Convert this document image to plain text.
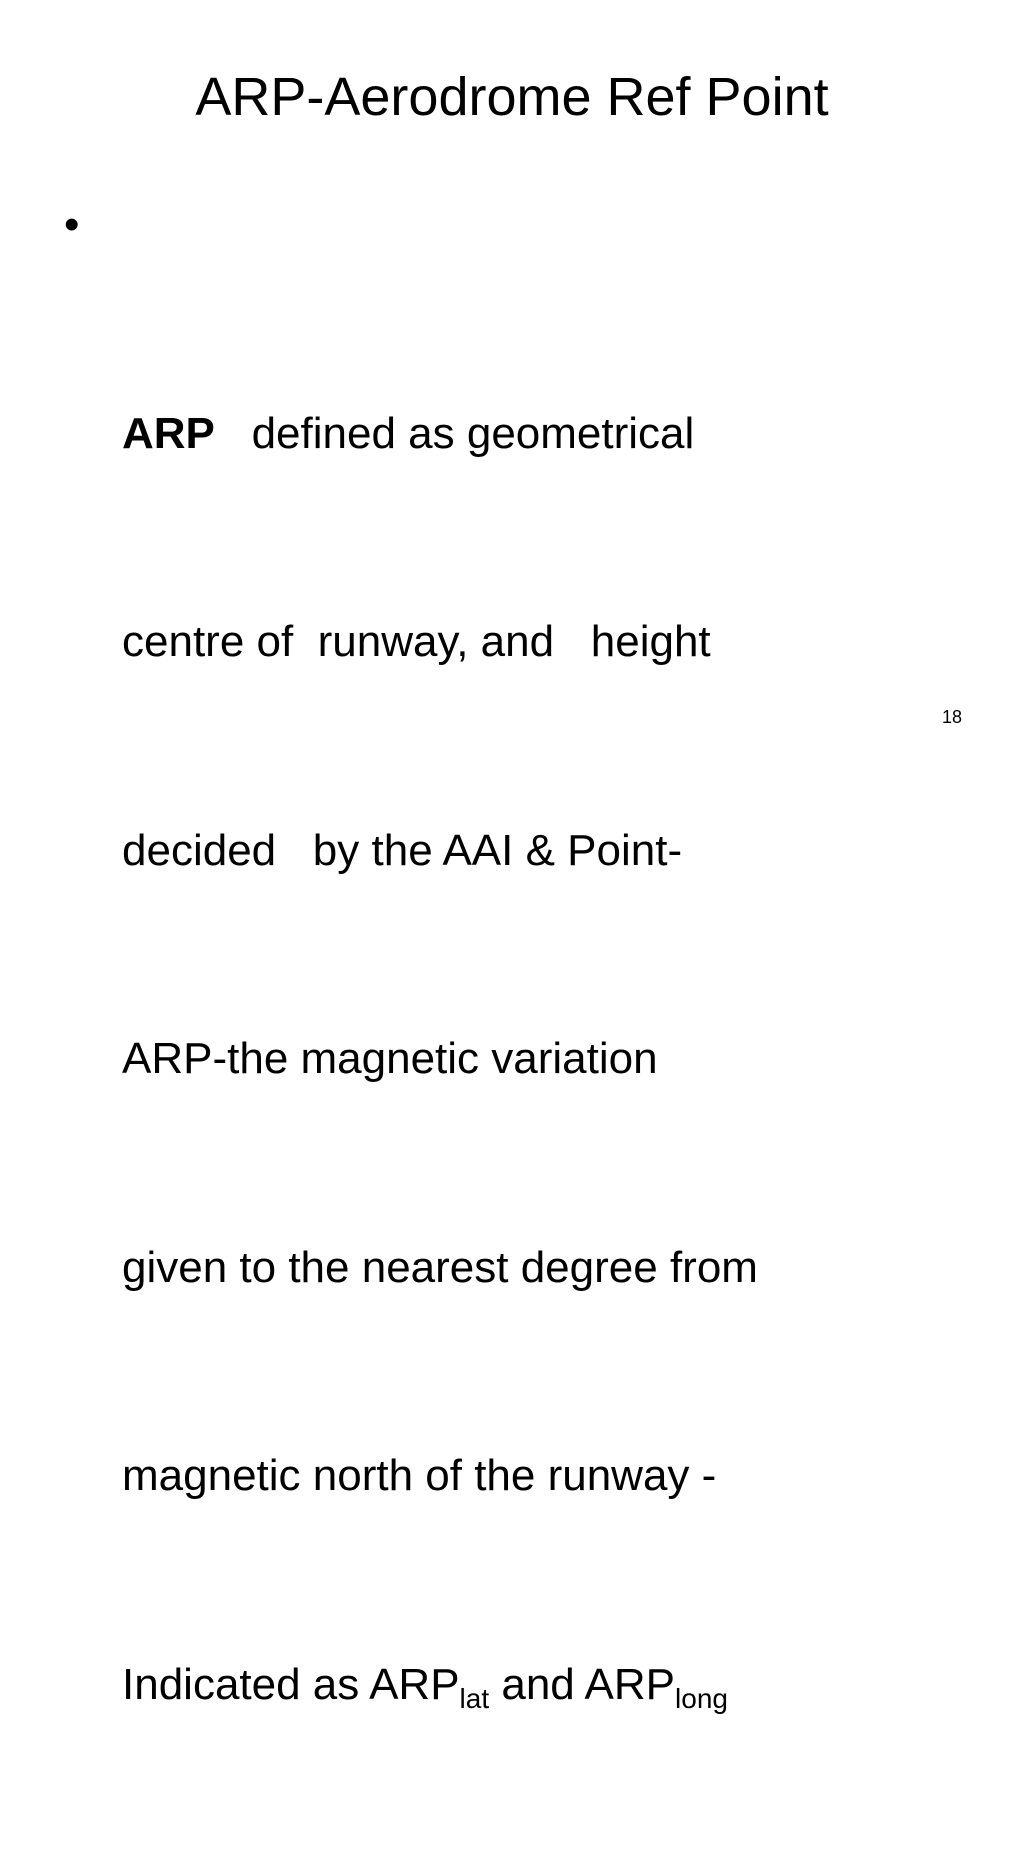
ARP-Aerodrome Ref Point

•

ARP   defined as geometrical

centre of  runway, and   height

decided   by the AAI & Point-

ARP-the magnetic variation

given to the nearest degree from

magnetic north of the runway -

Indicated as $ARP_{lat}$ and $ARP_{long}$

18
